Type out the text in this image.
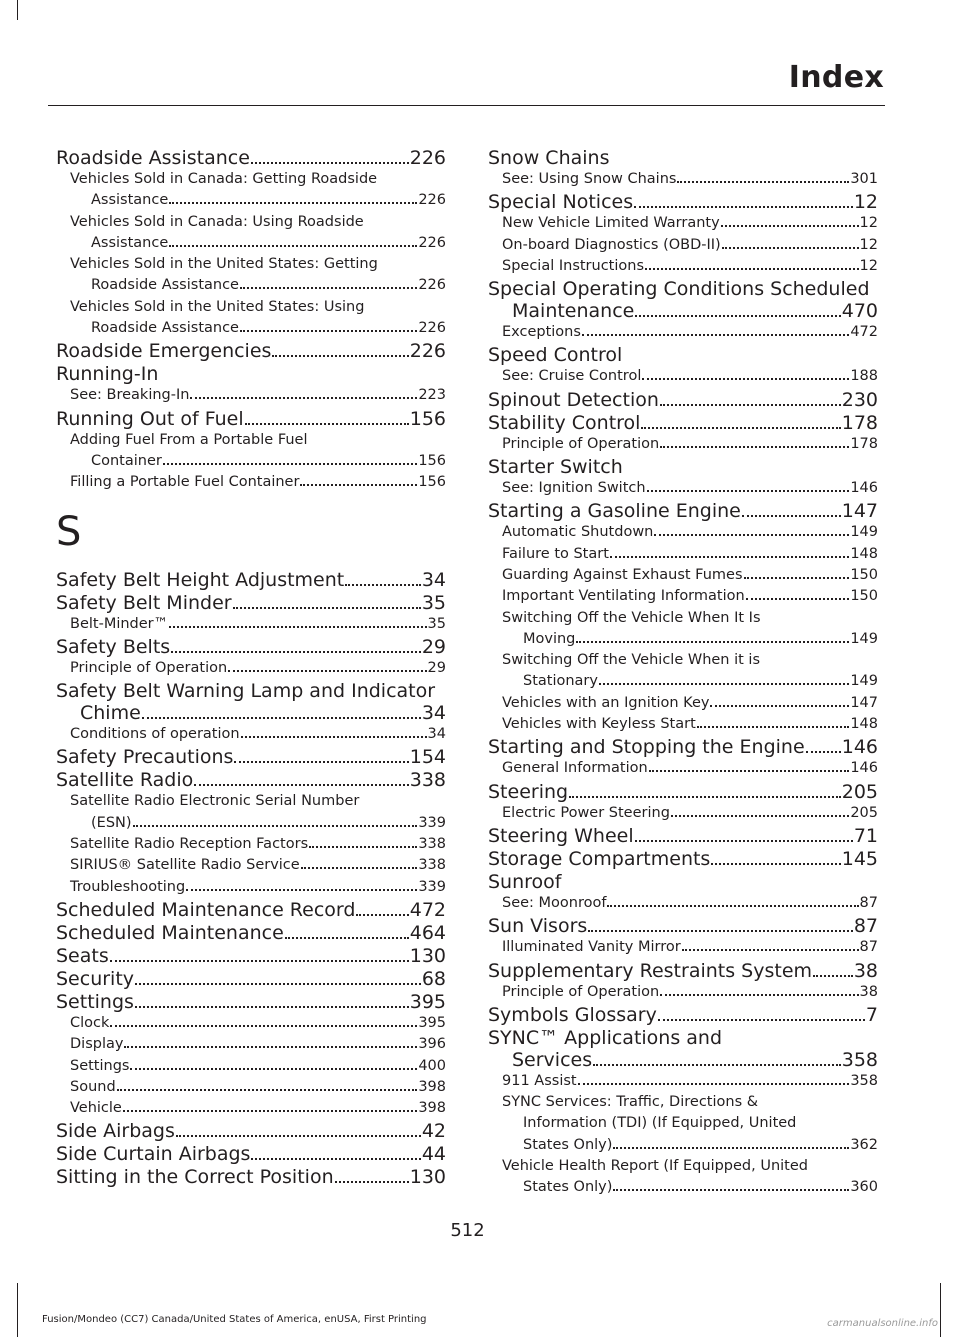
Index
Roadside Assistance	226
Vehicles Sold in Canada: Getting Roadside
Assistance	226
Vehicles Sold in Canada: Using Roadside
Assistance	226
Vehicles Sold in the United States: Getting
Roadside Assistance	226
Vehicles Sold in the United States: Using
Roadside Assistance	226
Roadside Emergencies	226
Running-In
See: Breaking-In	223
Running Out of Fuel	156
Adding Fuel From a Portable Fuel
Container	156
Filling a Portable Fuel Container	156
S
Safety Belt Height Adjustment	34
Safety Belt Minder	35
Belt-Minder™	35
Safety Belts	29
Principle of Operation	29
Safety Belt Warning Lamp and Indicator
Chime	34
Conditions of operation	34
Safety Precautions	154
Satellite Radio	338
Satellite Radio Electronic Serial Number
(ESN)	339
Satellite Radio Reception Factors	338
SIRIUS® Satellite Radio Service	338
Troubleshooting	339
Scheduled Maintenance Record	472
Scheduled Maintenance	464
Seats	130
Security	68
Settings	395
Clock	395
Display	396
Settings	400
Sound	398
Vehicle	398
Side Airbags	42
Side Curtain Airbags	44
Sitting in the Correct Position	130
Snow Chains
See: Using Snow Chains	301
Special Notices	12
New Vehicle Limited Warranty	12
On-board Diagnostics (OBD-II)	12
Special Instructions	12
Special Operating Conditions Scheduled
Maintenance	470
Exceptions	472
Speed Control
See: Cruise Control	188
Spinout Detection	230
Stability Control	178
Principle of Operation	178
Starter Switch
See: Ignition Switch	146
Starting a Gasoline Engine	147
Automatic Shutdown	149
Failure to Start	148
Guarding Against Exhaust Fumes	150
Important Ventilating Information	150
Switching Off the Vehicle When It Is
Moving	149
Switching Off the Vehicle When it is
Stationary	149
Vehicles with an Ignition Key	147
Vehicles with Keyless Start	148
Starting and Stopping the Engine 146
General Information	146
Steering	205
Electric Power Steering	205
Steering Wheel	71
Storage Compartments	145
Sunroof
See: Moonroof	87
Sun Visors	87
Illuminated Vanity Mirror	87
Supplementary Restraints System 38
Principle of Operation	38
Symbols Glossary	7
SYNC™ Applications and
Services	358
911 Assist	358
SYNC Services: Traffic, Directions &
Information (TDI) (If Equipped, United
States Only)	362
Vehicle Health Report (If Equipped, United
States Only)	360
512
Fusion/Mondeo (CC7) Canada/United States of America, enUSA, First Printing	carmanualsonline.info
